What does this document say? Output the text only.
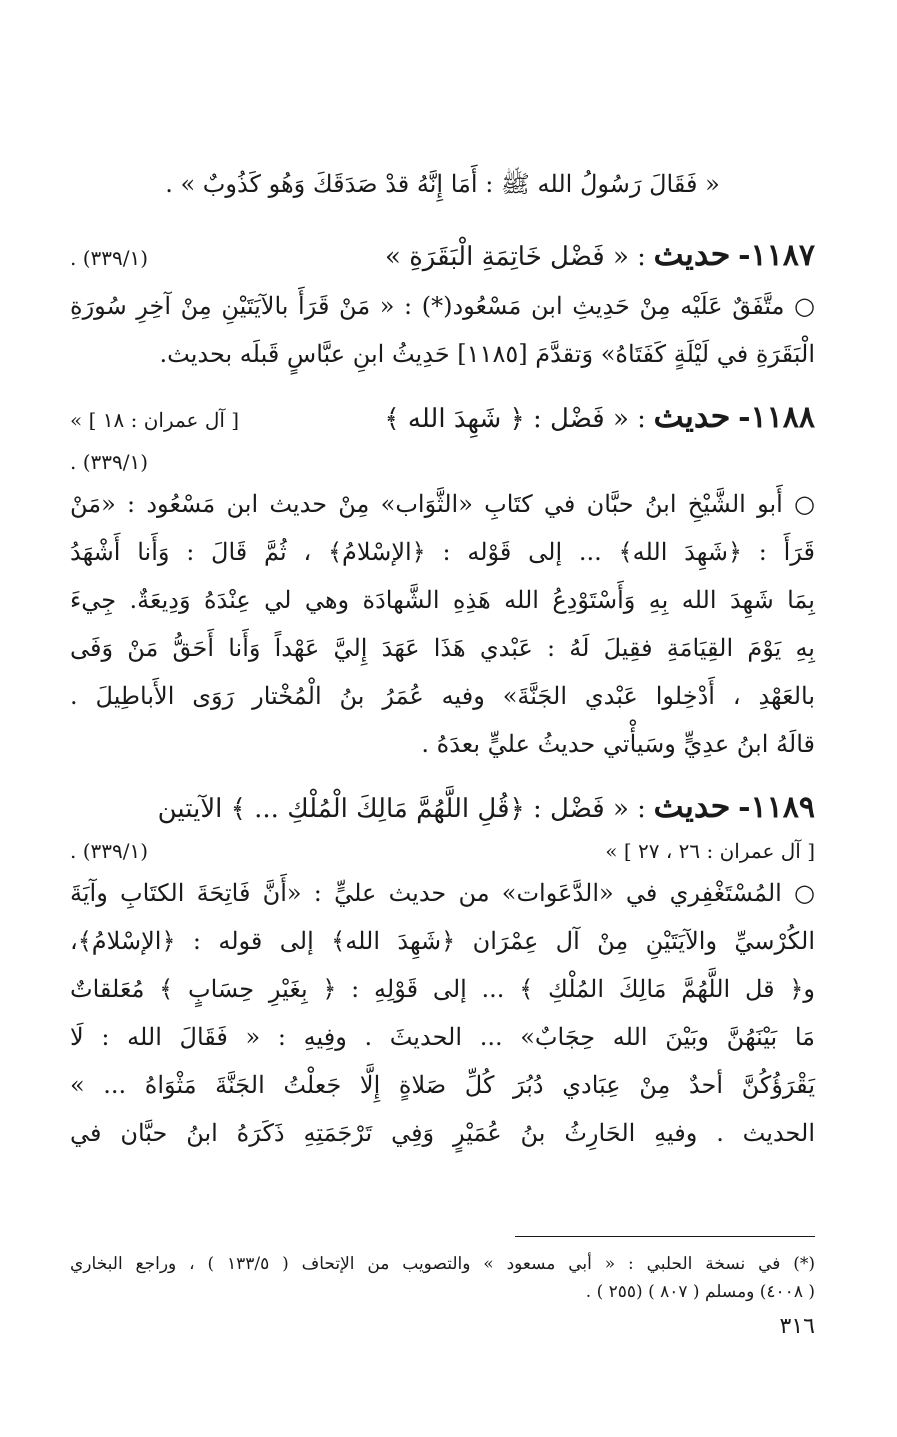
« فَقَالَ رَسُولُ الله ﷺ : أَمَا إِنَّهُ قدْ صَدَقَكَ وَهُو كَذُوبٌ » .
١١٨٧- حديث : « فَضْل خَاتِمَةِ الْبَقَرَةِ »
(٣٣٩/١) .
○ متَّفَقٌ عَلَيْه مِنْ حَدِيثِ ابن مَسْعُود(*) : « مَنْ قَرَأَ بالآيَتَيْنِ مِنْ آخِرِ سُورَةِ
الْبَقَرَةِ في لَيْلَةٍ كَفَتَاهُ» وَتقدَّمَ [١١٨٥] حَدِيثُ ابنِ عبَّاسٍ قَبلَه بحديث.
١١٨٨- حديث : « فَضْل : ﴿ شَهِدَ الله ﴾
[ آل عمران : ١٨ ] »
(٣٣٩/١) .
○ أَبو الشَّيْخِ ابنُ حبَّان في كتَابِ «الثَّوَاب» مِنْ حديث ابن مَسْعُود : «مَنْ
قَرَأَ : ﴿شَهِدَ الله﴾ ... إلى قَوْله : ﴿الإسْلامُ﴾ ، ثُمَّ قَالَ : وَأَنا أَشْهَدُ
بِمَا شَهِدَ الله بِهِ وَأَسْتَوْدِعُ الله هَذِهِ الشَّهادَة وهي لي عِنْدَهُ وَدِيعَةٌ. جِيءَ
بِهِ يَوْمَ القِيَامَةِ فقِيلَ لَهُ : عَبْدي هَذَا عَهَدَ إِليَّ عَهْداً وَأَنا أَحَقُّ مَنْ وَفَى
بالعَهْدِ ، أَدْخِلوا عَبْدي الجَنَّةَ» وفيه عُمَرُ بنُ الْمُخْتار رَوَى الأَباطِيلَ .
قالَهُ ابنُ عدِيٍّ وسَيأْتي حديثُ عليٍّ بعدَهُ .
١١٨٩- حديث : « فَضْل : ﴿قُلِ اللَّهُمَّ مَالِكَ الْمُلْكِ ... ﴾ الآيتين
[ آل عمران : ٢٦ ، ٢٧ ] »
(٣٣٩/١) .
○ المُسْتَغْفِري في «الدَّعَوات» من حديث عليٍّ : «أَنَّ فَاتِحَةَ الكتَابِ وآيَةَ
الكُرْسيِّ والآيَتَيْنِ مِنْ آل عِمْرَان ﴿شَهِدَ الله﴾ إلى قوله : ﴿الإسْلامُ﴾،
و﴿ قل اللَّهُمَّ مَالِكَ المُلْكِ ﴾ ... إلى قَوْلِهِ : ﴿ بِغَيْرِ حِسَابٍ ﴾ مُعَلقاتٌ
مَا بَيْنَهُنَّ وبَيْنَ الله حِجَابٌ» ... الحديثَ . وفِيهِ : « فَقَالَ الله : لَا
يَقْرَؤُكُنَّ أحدٌ مِنْ عِبَادي دُبُرَ كُلِّ صَلاةٍ إِلَّا جَعلْتُ الجَنَّةَ مَثْوَاهُ ... »
الحديث . وفيهِ الحَارِثُ بنُ عُمَيْرٍ وَفِي تَرْجَمَتِهِ ذَكَرَهُ ابنُ حبَّان في
(*) في نسخة الحلبي : « أبي مسعود » والتصويب من الإتحاف ( ١٣٣/٥ ) ، وراجع البخاري
( ٤٠٠٨) ومسلم ( ٨٠٧ ) (٢٥٥ ) .
٣١٦
